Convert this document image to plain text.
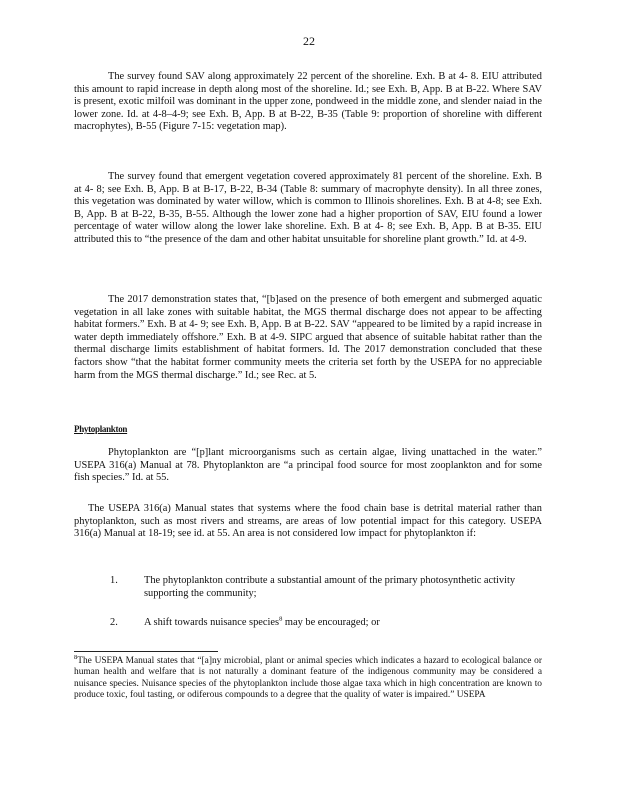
22

The survey found SAV along approximately 22 percent of the shoreline. Exh. B at 4- 8. EIU attributed this amount to rapid increase in depth along most of the shoreline. Id.; see Exh. B, App. B at B-22. Where SAV is present, exotic milfoil was dominant in the upper zone, pondweed in the middle zone, and slender naiad in the lower zone. Id. at 4-8–4-9; see Exh. B, App. B at B-22, B-35 (Table 9: proportion of shoreline with different macrophytes), B-55 (Figure 7-15: vegetation map).

The survey found that emergent vegetation covered approximately 81 percent of the shoreline. Exh. B at 4- 8; see Exh. B, App. B at B-17, B-22, B-34 (Table 8: summary of macrophyte density). In all three zones, this vegetation was dominated by water willow, which is common to Illinois shorelines. Exh. B at 4-8; see Exh. B, App. B at B-22, B-35, B-55. Although the lower zone had a higher proportion of SAV, EIU found a lower percentage of water willow along the lower lake shoreline. Exh. B at 4- 8; see Exh. B, App. B at B-35. EIU attributed this to “the presence of the dam and other habitat unsuitable for shoreline plant growth.” Id. at 4-9.

The 2017 demonstration states that, “[b]ased on the presence of both emergent and submerged aquatic vegetation in all lake zones with suitable habitat, the MGS thermal discharge does not appear to be affecting habitat formers.” Exh. B at 4- 9; see Exh. B, App. B at B-22. SAV “appeared to be limited by a rapid increase in water depth immediately offshore.” Exh. B at 4-9. SIPC argued that absence of suitable habitat rather than the thermal discharge limits establishment of habitat formers. Id. The 2017 demonstration concluded that these factors show “that the habitat former community meets the criteria set forth by the USEPA for no appreciable harm from the MGS thermal discharge.” Id.; see Rec. at 5.

Phytoplankton

Phytoplankton are “[p]lant microorganisms such as certain algae, living unattached in the water.” USEPA 316(a) Manual at 78. Phytoplankton are “a principal food source for most zooplankton and for some fish species.” Id. at 55.

The USEPA 316(a) Manual states that systems where the food chain base is detrital material rather than phytoplankton, such as most rivers and streams, are areas of low potential impact for this category. USEPA 316(a) Manual at 18-19; see id. at 55. An area is not considered low impact for phytoplankton if:

1.	The phytoplankton contribute a substantial amount of the primary photosynthetic activity supporting the community;
2.	A shift towards nuisance species$^8$ may be encouraged; or
$^8$The USEPA Manual states that “[a]ny microbial, plant or animal species which indicates a hazard to ecological balance or human health and welfare that is not naturally a dominant feature of the indigenous community may be considered a nuisance species. Nuisance species of the phytoplankton include those algae taxa which in high concentration are known to produce toxic, foul tasting, or odiferous compounds to a degree that the quality of water is impaired.” USEPA
